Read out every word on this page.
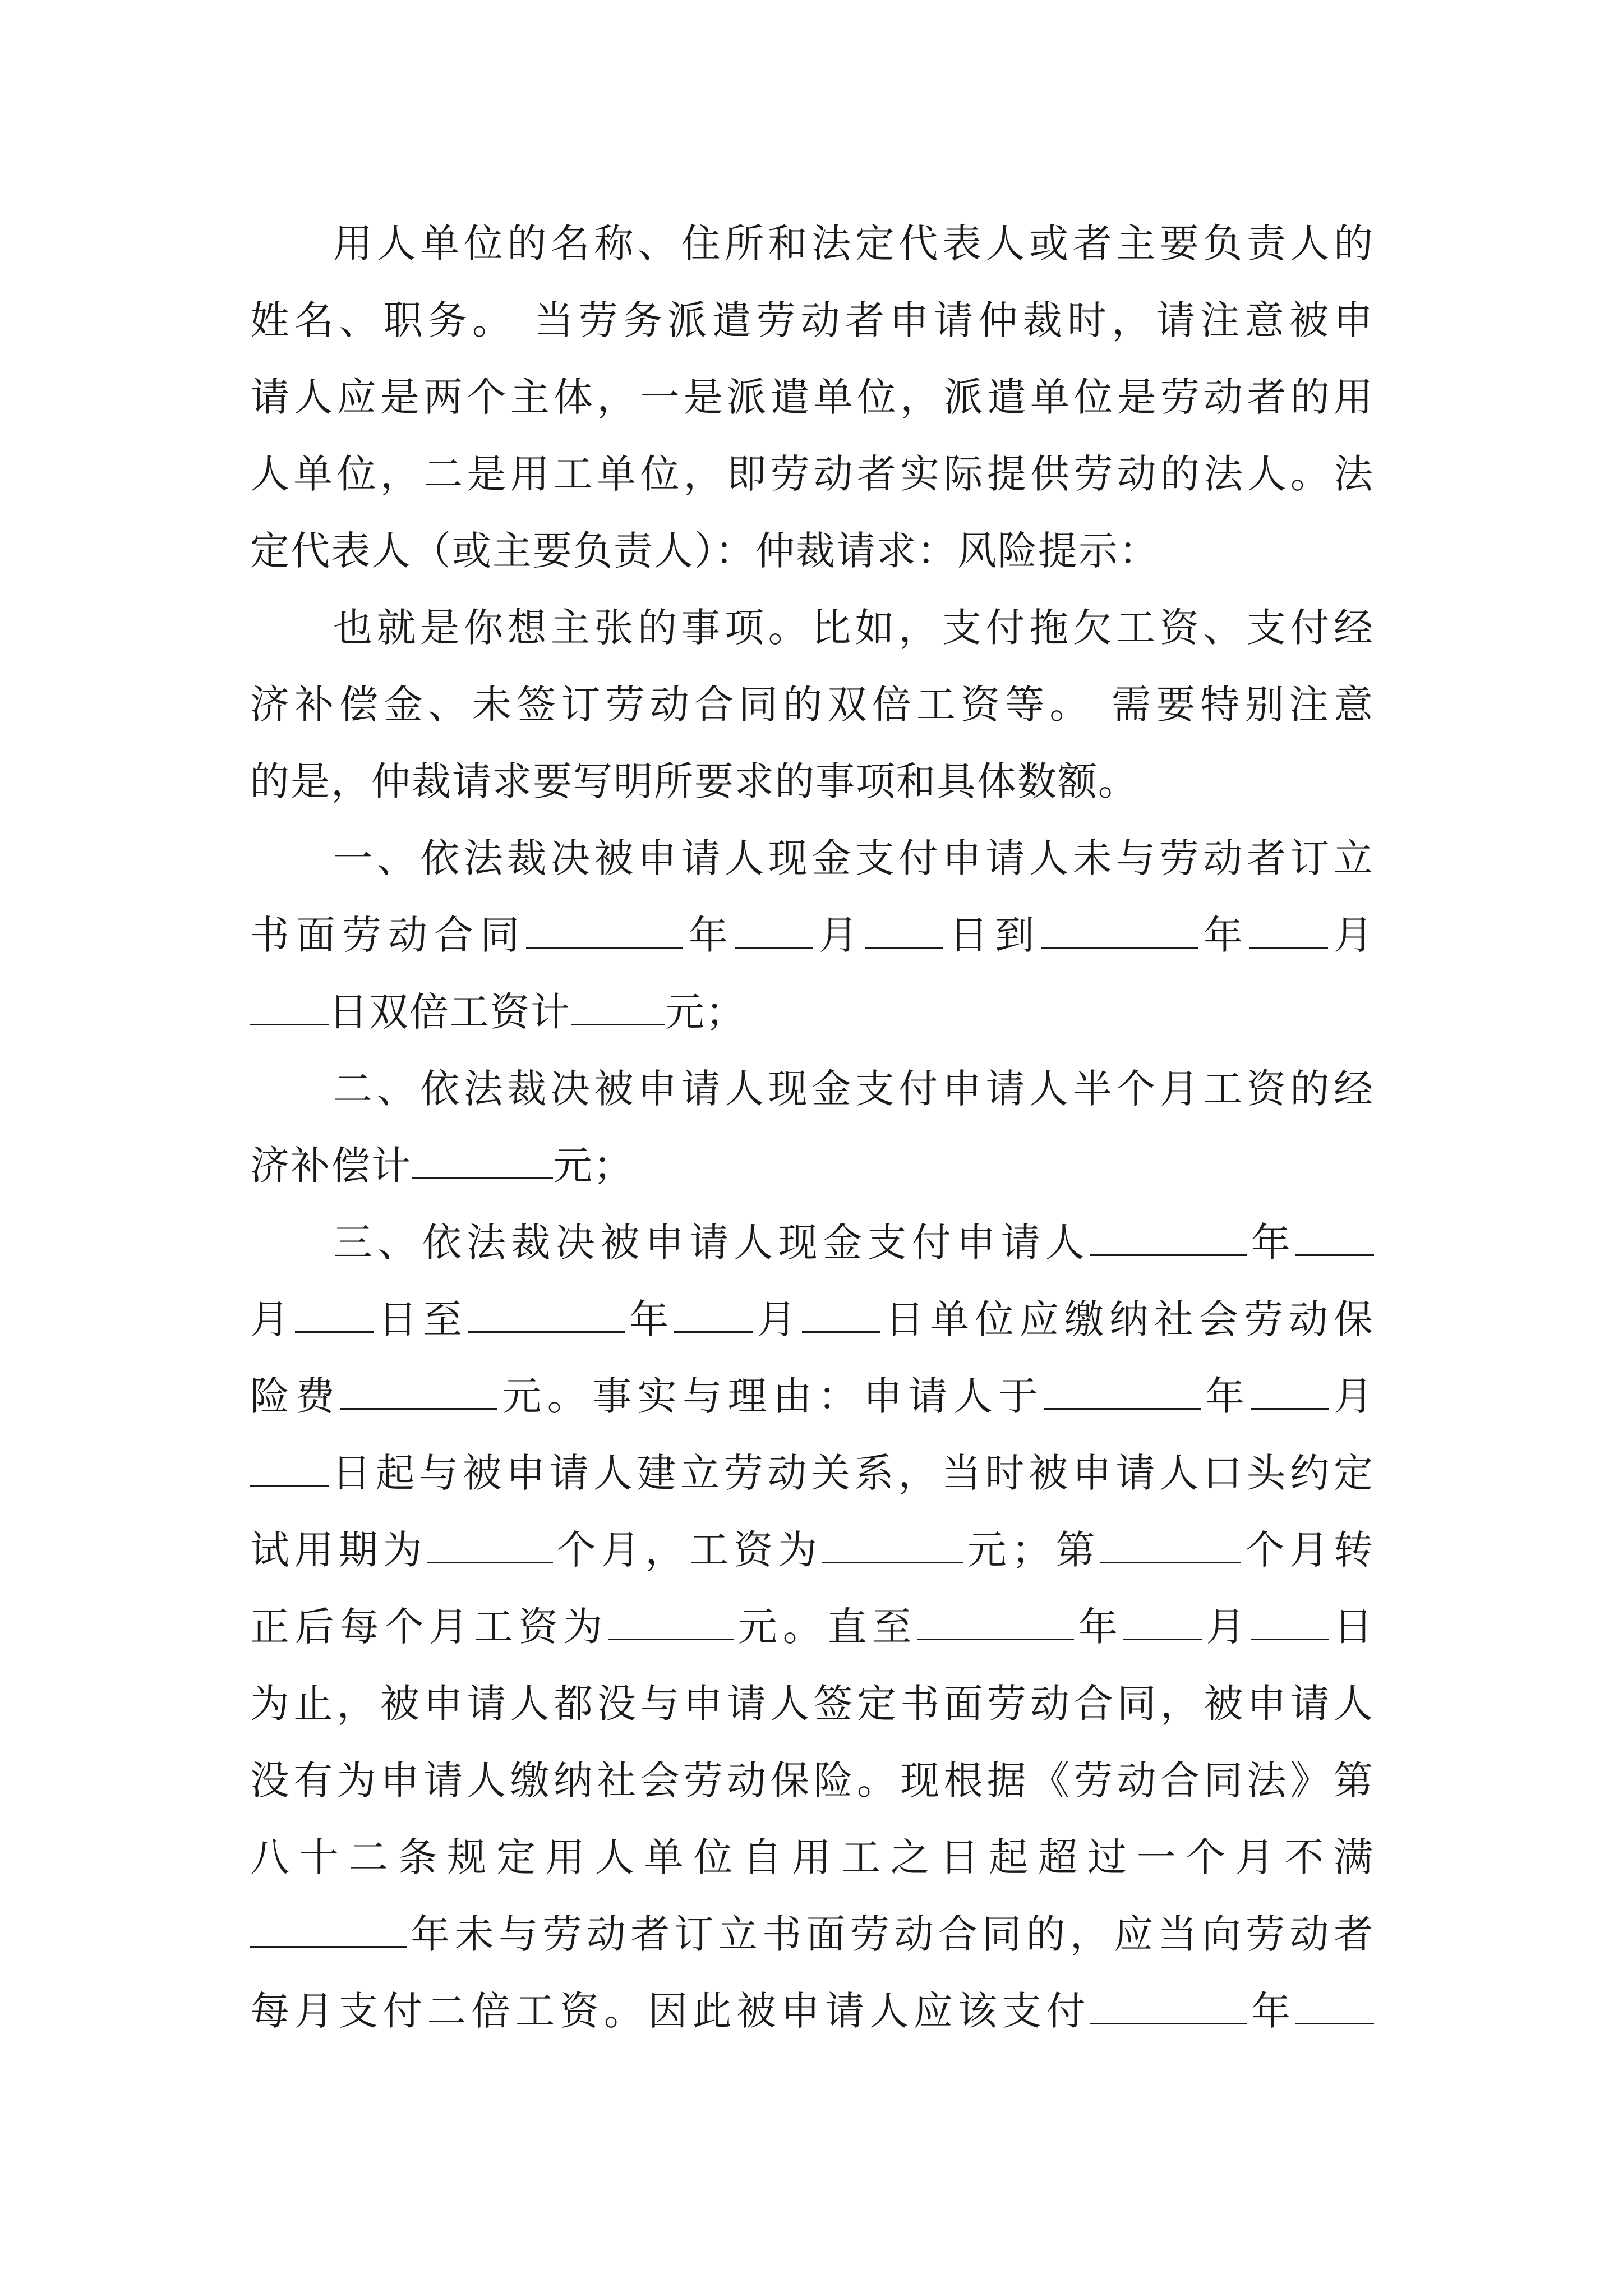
用人单位的名称、住所和法定代表人或者主要负责人的
姓名、职务。 当劳务派遣劳动者申请仲裁时，请注意被申
请人应是两个主体，一是派遣单位，派遣单位是劳动者的用
人单位，二是用工单位，即劳动者实际提供劳动的法人。法
定代表人（或主要负责人）：仲裁请求：风险提示：
也就是你想主张的事项。比如，支付拖欠工资、支付经
济补偿金、未签订劳动合同的双倍工资等。 需要特别注意
的是，仲裁请求要写明所要求的事项和具体数额。
一、依法裁决被申请人现金支付申请人未与劳动者订立
书面劳动合同	年 月 日到	年 月
日双倍工资计 元；
二、依法裁决被申请人现金支付申请人半个月工资的经
济补偿计	元；
三、依法裁决被申请人现金支付申请人	年
月 日至	年 月 日单位应缴纳社会劳动保
险费	元。事实与理由：申请人于	年 月
日起与被申请人建立劳动关系，当时被申请人口头约定
试用期为	个月，工资为	元；第	个月转
正后每个月工资为	元。直至	年 月 日
为止，被申请人都没与申请人签定书面劳动合同，被申请人
没有为申请人缴纳社会劳动保险。现根据《劳动合同法》第
八十二条规定用人单位自用工之日起超过一个月不满
年未与劳动者订立书面劳动合同的，应当向劳动者
每月支付二倍工资。因此被申请人应该支付	年
